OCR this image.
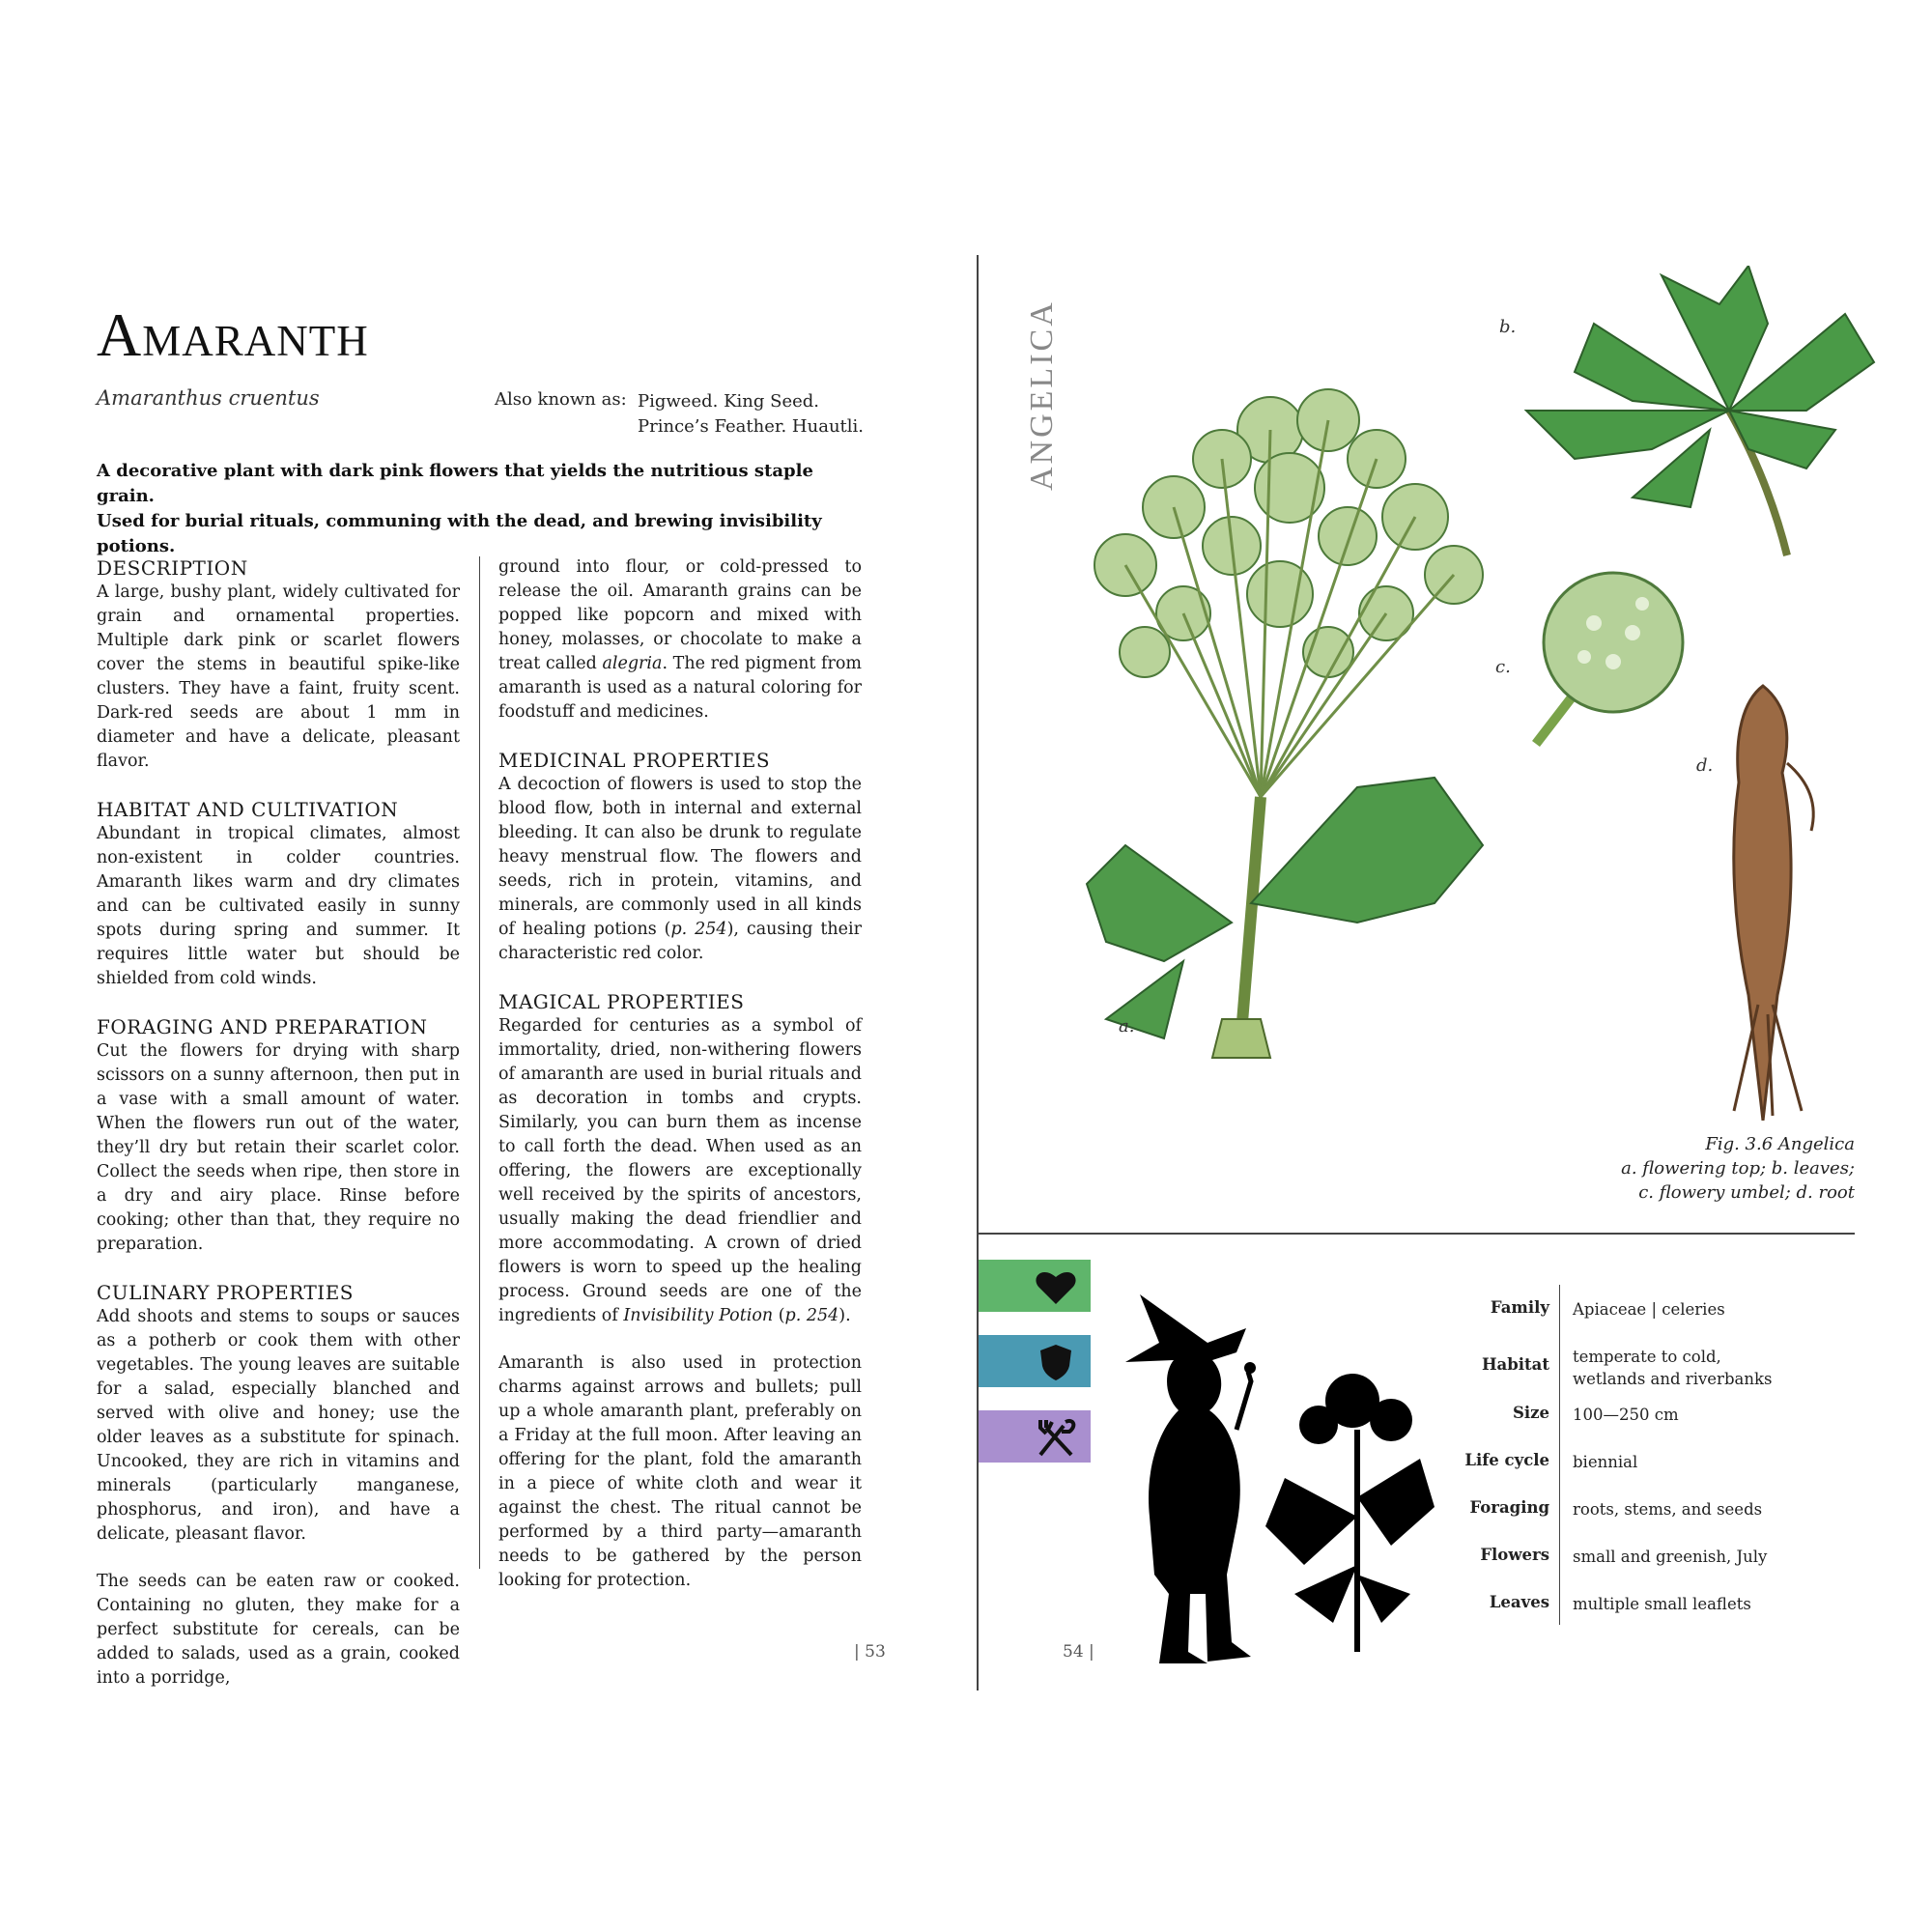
Amaranth
Amaranthus cruentus	Also known as: Pigweed. King Seed.
Prince’s Feather. Huautli.
A decorative plant with dark pink flowers that yields the nutritious staple grain.
Used for burial rituals, communing with the dead, and brewing invisibility potions.
DESCRIPTION

A large, bushy plant, widely cultivated for grain and ornamental properties. Multiple dark pink or scarlet flowers cover the stems in beautiful spike-like clusters. They have a faint, fruity scent. Dark-red seeds are about 1 mm in diameter and have a delicate, pleasant flavor.

HABITAT AND CULTIVATION

Abundant in tropical climates, almost non-existent in colder countries. Amaranth likes warm and dry climates and can be cultivated easily in sunny spots during spring and summer. It requires little water but should be shielded from cold winds.

FORAGING AND PREPARATION

Cut the flowers for drying with sharp scissors on a sunny afternoon, then put in a vase with a small amount of water. When the flowers run out of the water, they’ll dry but retain their scarlet color. Collect the seeds when ripe, then store in a dry and airy place. Rinse before cooking; other than that, they require no preparation.

CULINARY PROPERTIES

Add shoots and stems to soups or sauces as a potherb or cook them with other vegetables. The young leaves are suitable for a salad, especially blanched and served with olive and honey; use the older leaves as a substitute for spinach. Uncooked, they are rich in vitamins and minerals (particularly manganese, phosphorus, and iron), and have a delicate, pleasant flavor.

The seeds can be eaten raw or cooked. Containing no gluten, they make for a perfect substitute for cereals, can be added to salads, used as a grain, cooked into a porridge,

ground into flour, or cold-pressed to release the oil. Amaranth grains can be popped like popcorn and mixed with honey, molasses, or chocolate to make a treat called alegria. The red pigment from amaranth is used as a natural coloring for foodstuff and medicines.

MEDICINAL PROPERTIES

A decoction of flowers is used to stop the blood flow, both in internal and external bleeding. It can also be drunk to regulate heavy menstrual flow. The flowers and seeds, rich in protein, vitamins, and minerals, are commonly used in all kinds of healing potions (p. 254), causing their characteristic red color.

MAGICAL PROPERTIES

Regarded for centuries as a symbol of immortality, dried, non-withering flowers of amaranth are used in burial rituals and as decoration in tombs and crypts. Similarly, you can burn them as incense to call forth the dead. When used as an offering, the flowers are exceptionally well received by the spirits of ancestors, usually making the dead friendlier and more accommodating. A crown of dried flowers is worn to speed up the healing process. Ground seeds are one of the ingredients of Invisibility Potion (p. 254).

Amaranth is also used in protection charms against arrows and bullets; pull up a whole amaranth plant, preferably on a Friday at the full moon. After leaving an offering for the plant, fold the amaranth in a piece of white cloth and wear it against the chest. The ritual cannot be performed by a third party—amaranth needs to be gathered by the person looking for protection.

| 53
ANGELICA
a.
b.
c.
d.
Fig. 3.6 Angelica
a. flowering top; b. leaves;
c. flowery umbel; d. root
Family Apiaceae | celeries
Habitat temperate to cold, wetlands and riverbanks
Size 100—250 cm
Life cycle biennial
Foraging roots, stems, and seeds
Flowers small and greenish, July
Leaves multiple small leaflets
54 |
